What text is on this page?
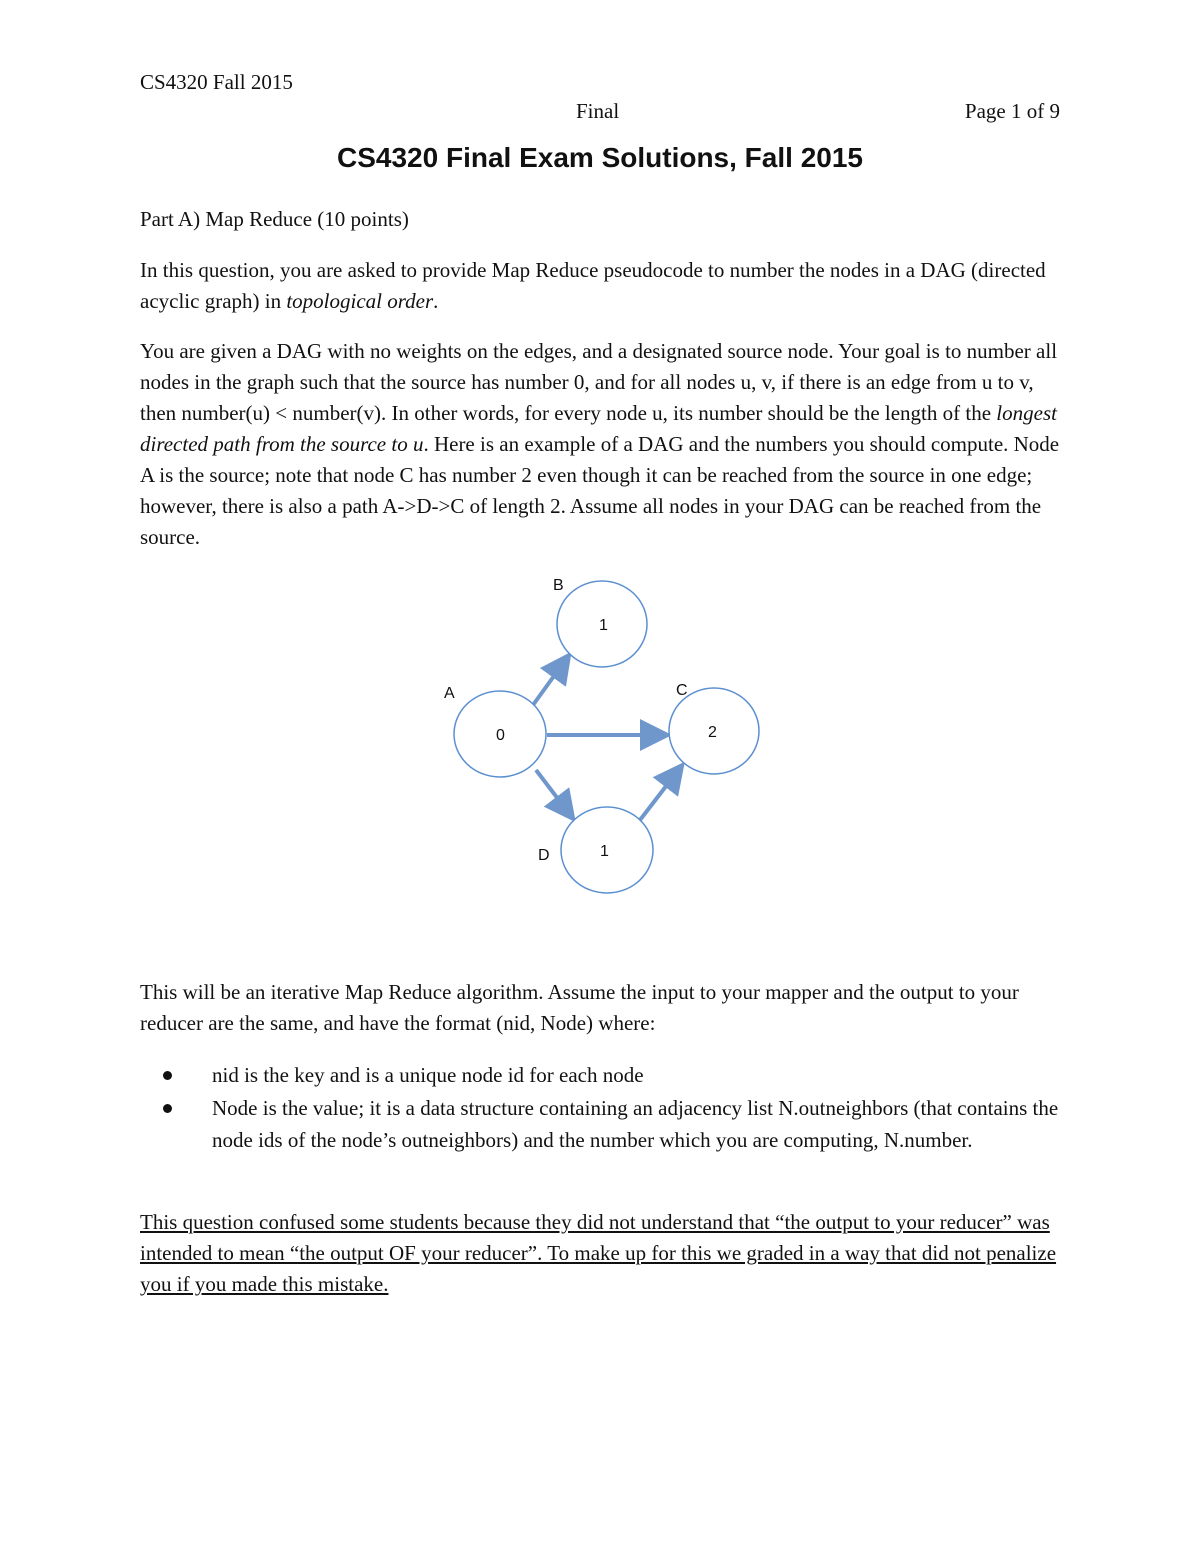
CS4320 Fall 2015
Final	Page 1 of 9
CS4320 Final Exam Solutions, Fall 2015
Part A) Map Reduce (10 points)
In this question, you are asked to provide Map Reduce pseudocode to number the nodes in a DAG (directed acyclic graph) in topological order.
You are given a DAG with no weights on the edges, and a designated source node. Your goal is to number all nodes in the graph such that the source has number 0, and for all nodes u, v, if there is an edge from u to v, then number(u) < number(v). In other words, for every node u, its number should be the length of the longest directed path from the source to u. Here is an example of a DAG and the numbers you should compute. Node A is the source; note that node C has number 2 even though it can be reached from the source in one edge; however, there is also a path A->D->C of length 2. Assume all nodes in your DAG can be reached from the source.
1
0	2
1
B
A	C
D
This will be an iterative Map Reduce algorithm. Assume the input to your mapper and the output to your reducer are the same, and have the format (nid, Node) where:
nid is the key and is a unique node id for each node
Node is the value; it is a data structure containing an adjacency list N.outneighbors (that contains the node ids of the node’s outneighbors) and the number which you are computing, N.number.
This question confused some students because they did not understand that “the output to your reducer” was intended to mean “the output OF your reducer”. To make up for this we graded in a way that did not penalize you if you made this mistake.
